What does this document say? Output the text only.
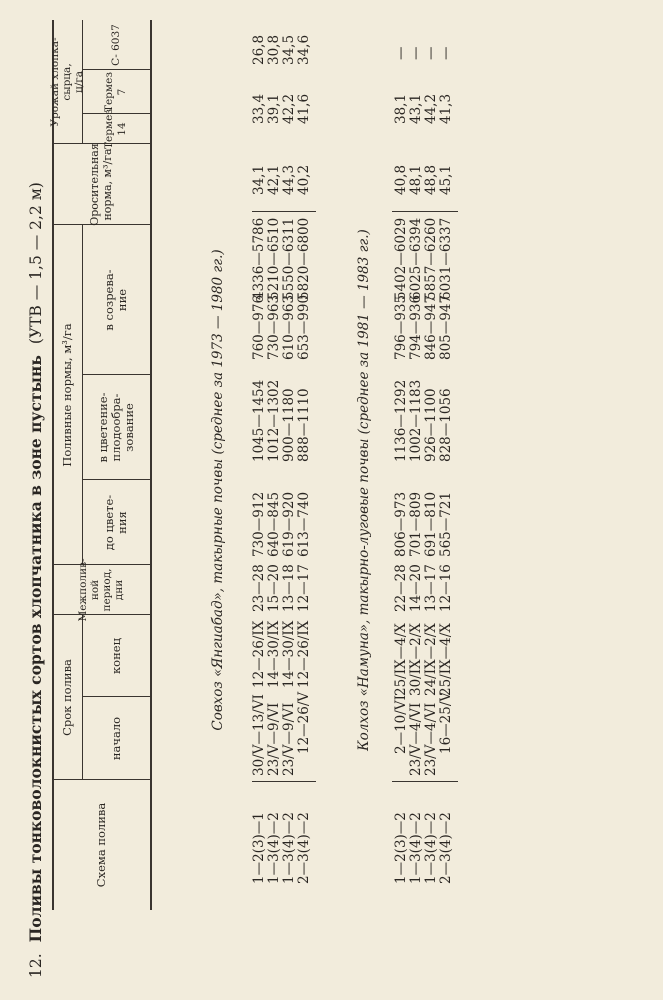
12. Поливы тонковолокнистых сортов хлопчатника в зоне пустынь (УТВ — 1,5 — 2,2 м)
Схема полива
Срок полива
начало
конец
Межполив-
ной период,
дни
Поливные нормы, м³/га
до цвете-
ния
в цветение-
плодообра-
зование
в созрева-
ние
Оросительная
норма, м³/га
Урожай хлопка-сырца,
ц/га
Термез
14
Термез
7
С- 6037
Совхоз «Янгиабад», такырные почвы (среднее за 1973 — 1980 гг.)
1—2(3)—1 1—3(4)—2 1—3(4)—2 2—3(4)—2
30/V—13/VI 23/V—9/VI 23/V—9/VI 12—26/V
12—26/IX 14—30/IX 14—30/IX 12—26/IX
23—28 15—20 13—18 12—17
730—912 640—845 619—920 613—740
1045—1454 1012—1302 900—1180 888—1110
760—976 730—963 610—963 653—990
4336—5786 5210—6510 5550—6311 5820—6800
34,1 42,1 44,3 40,2
33,4 39,1 42,2 41,6
26,8 30,8 34,5 34,6
Колхоз «Намуна», такырно-луговые почвы (среднее за 1981 — 1983 гг.)
1—2(3)—2 1—3(4)—2 1—3(4)—2 2—3(4)—2
2—10/VI 23/V—4/VI 23/V—4/VI 16—25/V
25/IX—4/X 30/IX—2/X 24/IX—2/X 25/IX—4/X
22—28 14—20 13—17 12—16
806—973 701—809 691—810 565—721
1136—1292 1002—1183 926—1100 828—1056
796—935 794—936 846—947 805—947
5402—6029 6025—6394 5857—6260 6031—6337
40,8 48,1 48,8 45,1
38,1 43,1 44,2 41,3
— — — —
